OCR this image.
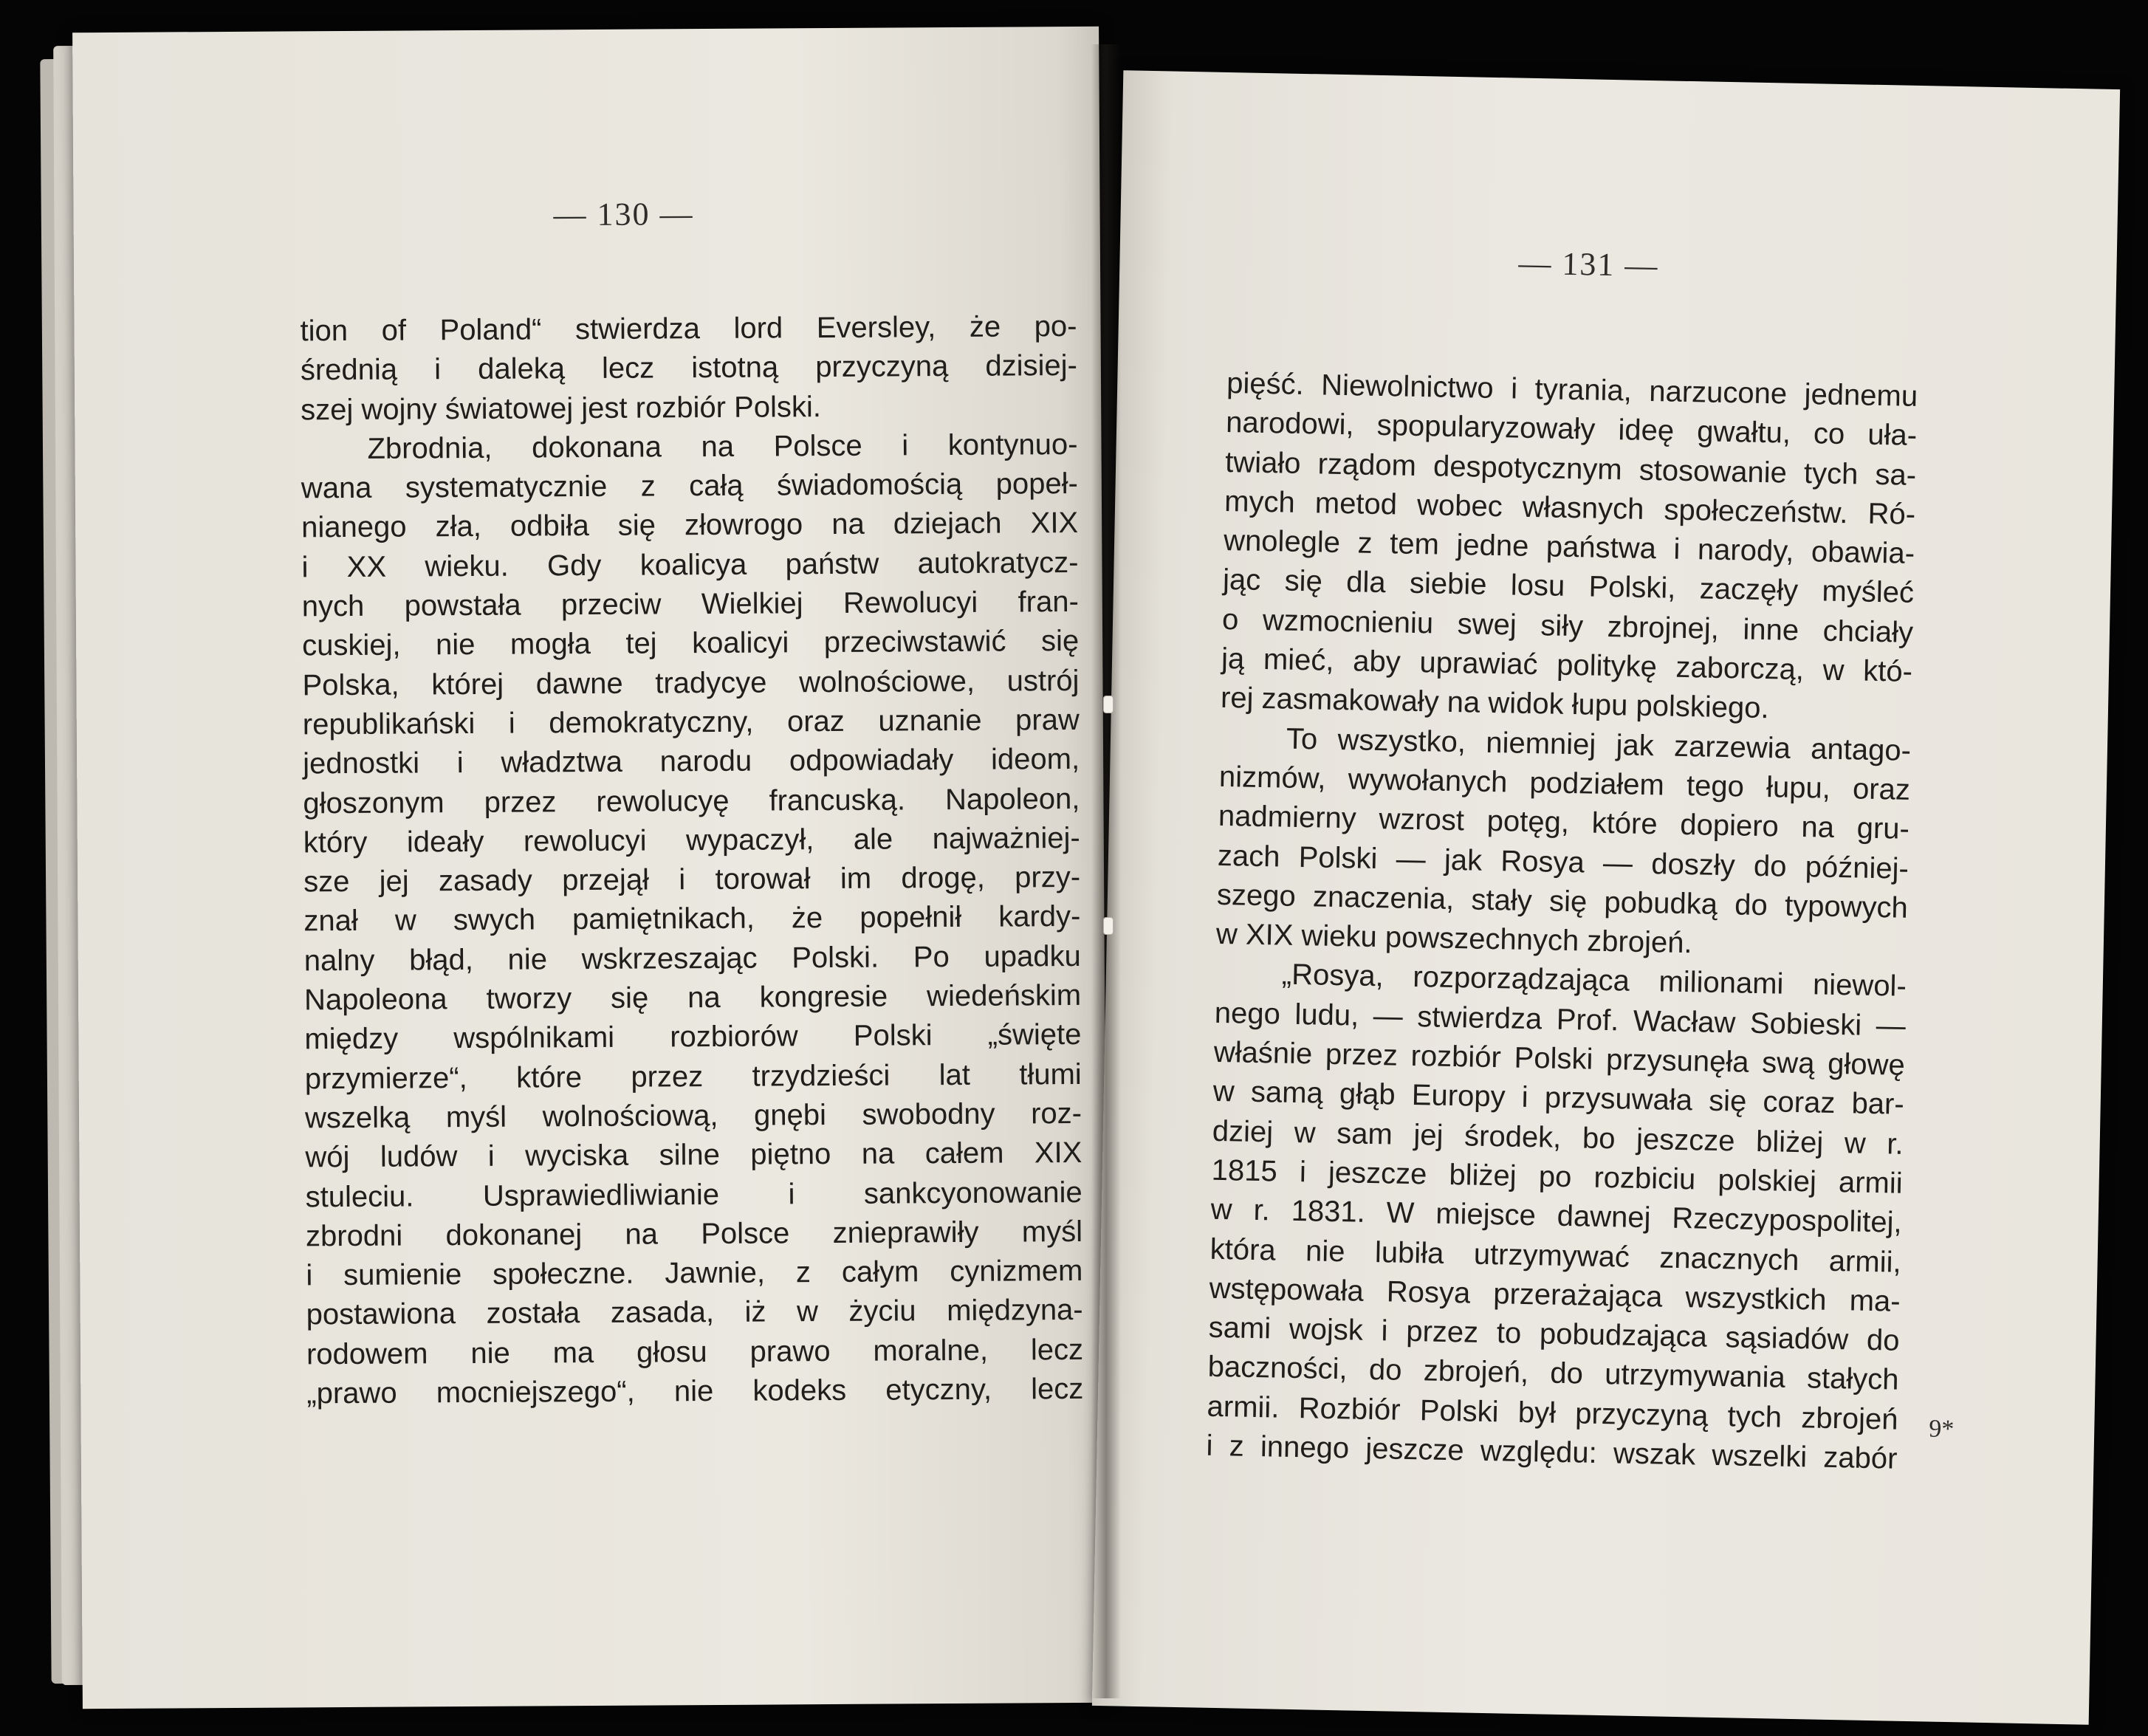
— 130 —
tion of Poland“ stwierdza lord Eversley, że po-
średnią i daleką lecz istotną przyczyną dzisiej-
szej wojny światowej jest rozbiór Polski.
Zbrodnia, dokonana na Polsce i kontynuo-
wana systematycznie z całą świadomością popeł-
nianego zła, odbiła się złowrogo na dziejach XIX
i XX wieku. Gdy koalicya państw autokratycz-
nych powstała przeciw Wielkiej Rewolucyi fran-
cuskiej, nie mogła tej koalicyi przeciwstawić się
Polska, której dawne tradycye wolnościowe, ustrój
republikański i demokratyczny, oraz uznanie praw
jednostki i władztwa narodu odpowiadały ideom,
głoszonym przez rewolucyę francuską. Napoleon,
który ideały rewolucyi wypaczył, ale najważniej-
sze jej zasady przejął i torował im drogę, przy-
znał w swych pamiętnikach, że popełnił kardy-
nalny błąd, nie wskrzeszając Polski. Po upadku
Napoleona tworzy się na kongresie wiedeńskim
między wspólnikami rozbiorów Polski „święte
przymierze“, które przez trzydzieści lat tłumi
wszelką myśl wolnościową, gnębi swobodny roz-
wój ludów i wyciska silne piętno na całem XIX
stuleciu. Usprawiedliwianie i sankcyonowanie
zbrodni dokonanej na Polsce znieprawiły myśl
i sumienie społeczne. Jawnie, z całym cynizmem
postawiona została zasada, iż w życiu międzyna-
rodowem nie ma głosu prawo moralne, lecz
„prawo mocniejszego“, nie kodeks etyczny, lecz
— 131 —
pięść. Niewolnictwo i tyrania, narzucone jednemu
narodowi, spopularyzowały ideę gwałtu, co uła-
twiało rządom despotycznym stosowanie tych sa-
mych metod wobec własnych społeczeństw. Ró-
wnolegle z tem jedne państwa i narody, obawia-
jąc się dla siebie losu Polski, zaczęły myśleć
o wzmocnieniu swej siły zbrojnej, inne chciały
ją mieć, aby uprawiać politykę zaborczą, w któ-
rej zasmakowały na widok łupu polskiego.
To wszystko, niemniej jak zarzewia antago-
nizmów, wywołanych podziałem tego łupu, oraz
nadmierny wzrost potęg, które dopiero na gru-
zach Polski — jak Rosya — doszły do później-
szego znaczenia, stały się pobudką do typowych
w XIX wieku powszechnych zbrojeń.
„Rosya, rozporządzająca milionami niewol-
nego ludu, — stwierdza Prof. Wacław Sobieski —
właśnie przez rozbiór Polski przysunęła swą głowę
w samą głąb Europy i przysuwała się coraz bar-
dziej w sam jej środek, bo jeszcze bliżej w r.
1815 i jeszcze bliżej po rozbiciu polskiej armii
w r. 1831. W miejsce dawnej Rzeczypospolitej,
która nie lubiła utrzymywać znacznych armii,
wstępowała Rosya przerażająca wszystkich ma-
sami wojsk i przez to pobudzająca sąsiadów do
baczności, do zbrojeń, do utrzymywania stałych
armii. Rozbiór Polski był przyczyną tych zbrojeń
i z innego jeszcze względu: wszak wszelki zabór
9*
